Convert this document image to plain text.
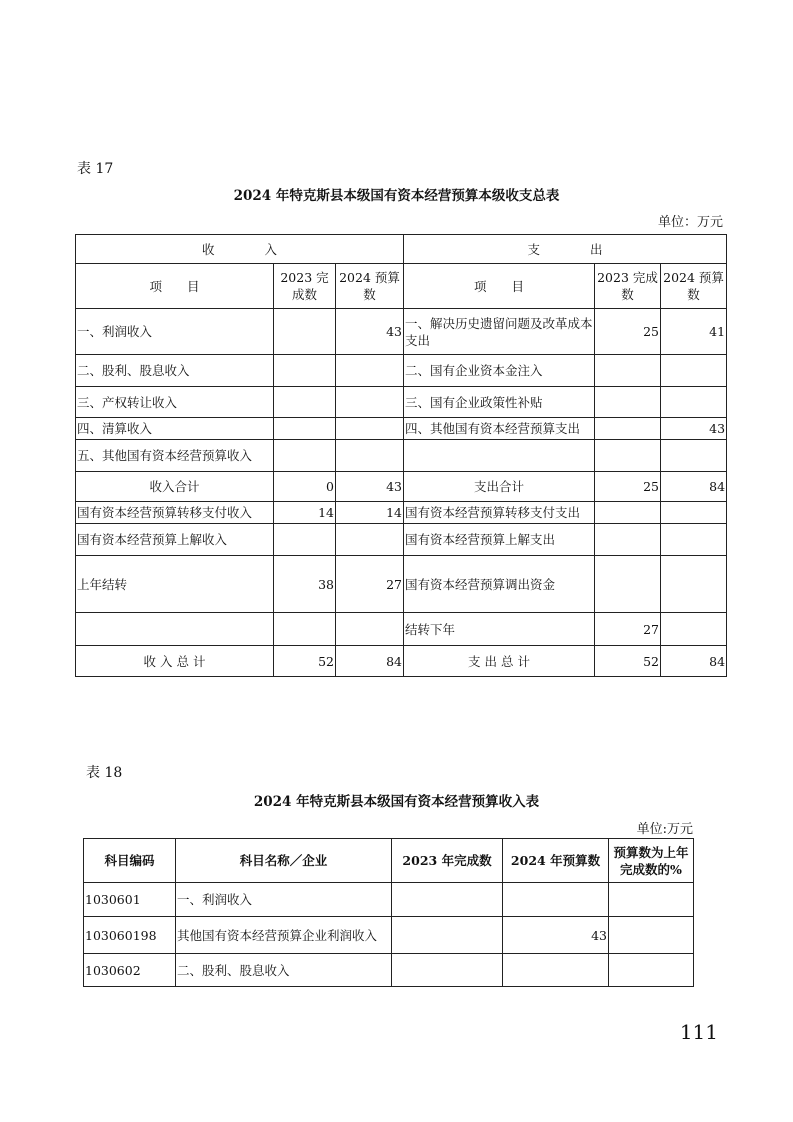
表 17
2024 年特克斯县本级国有资本经营预算本级收支总表
单位：万元
收　　　　入			支　　　　出		
项　　目	2023 完成数	2024 预算数	项　　目	2023 完成数	2024 预算数
一、利润收入		43	一、解决历史遗留问题及改革成本支出	25	41
二、股利、股息收入			二、国有企业资本金注入		
三、产权转让收入			三、国有企业政策性补贴		
四、清算收入			四、其他国有资本经营预算支出		43
五、其他国有资本经营预算收入					
收入合计	0	43	支出合计	25	84
国有资本经营预算转移支付收入	14	14	国有资本经营预算转移支付支出		
国有资本经营预算上解收入			国有资本经营预算上解支出		
上年结转	38	27	国有资本经营预算调出资金		
			结转下年	27	
收 入 总 计	52	84	支 出 总 计	52	84
表 18
2024 年特克斯县本级国有资本经营预算收入表
单位:万元
科目编码	科目名称／企业	2023 年完成数	2024 年预算数	预算数为上年完成数的%
1030601	一、利润收入			
103060198	其他国有资本经营预算企业利润收入		43	
1030602	二、股利、股息收入			
111
